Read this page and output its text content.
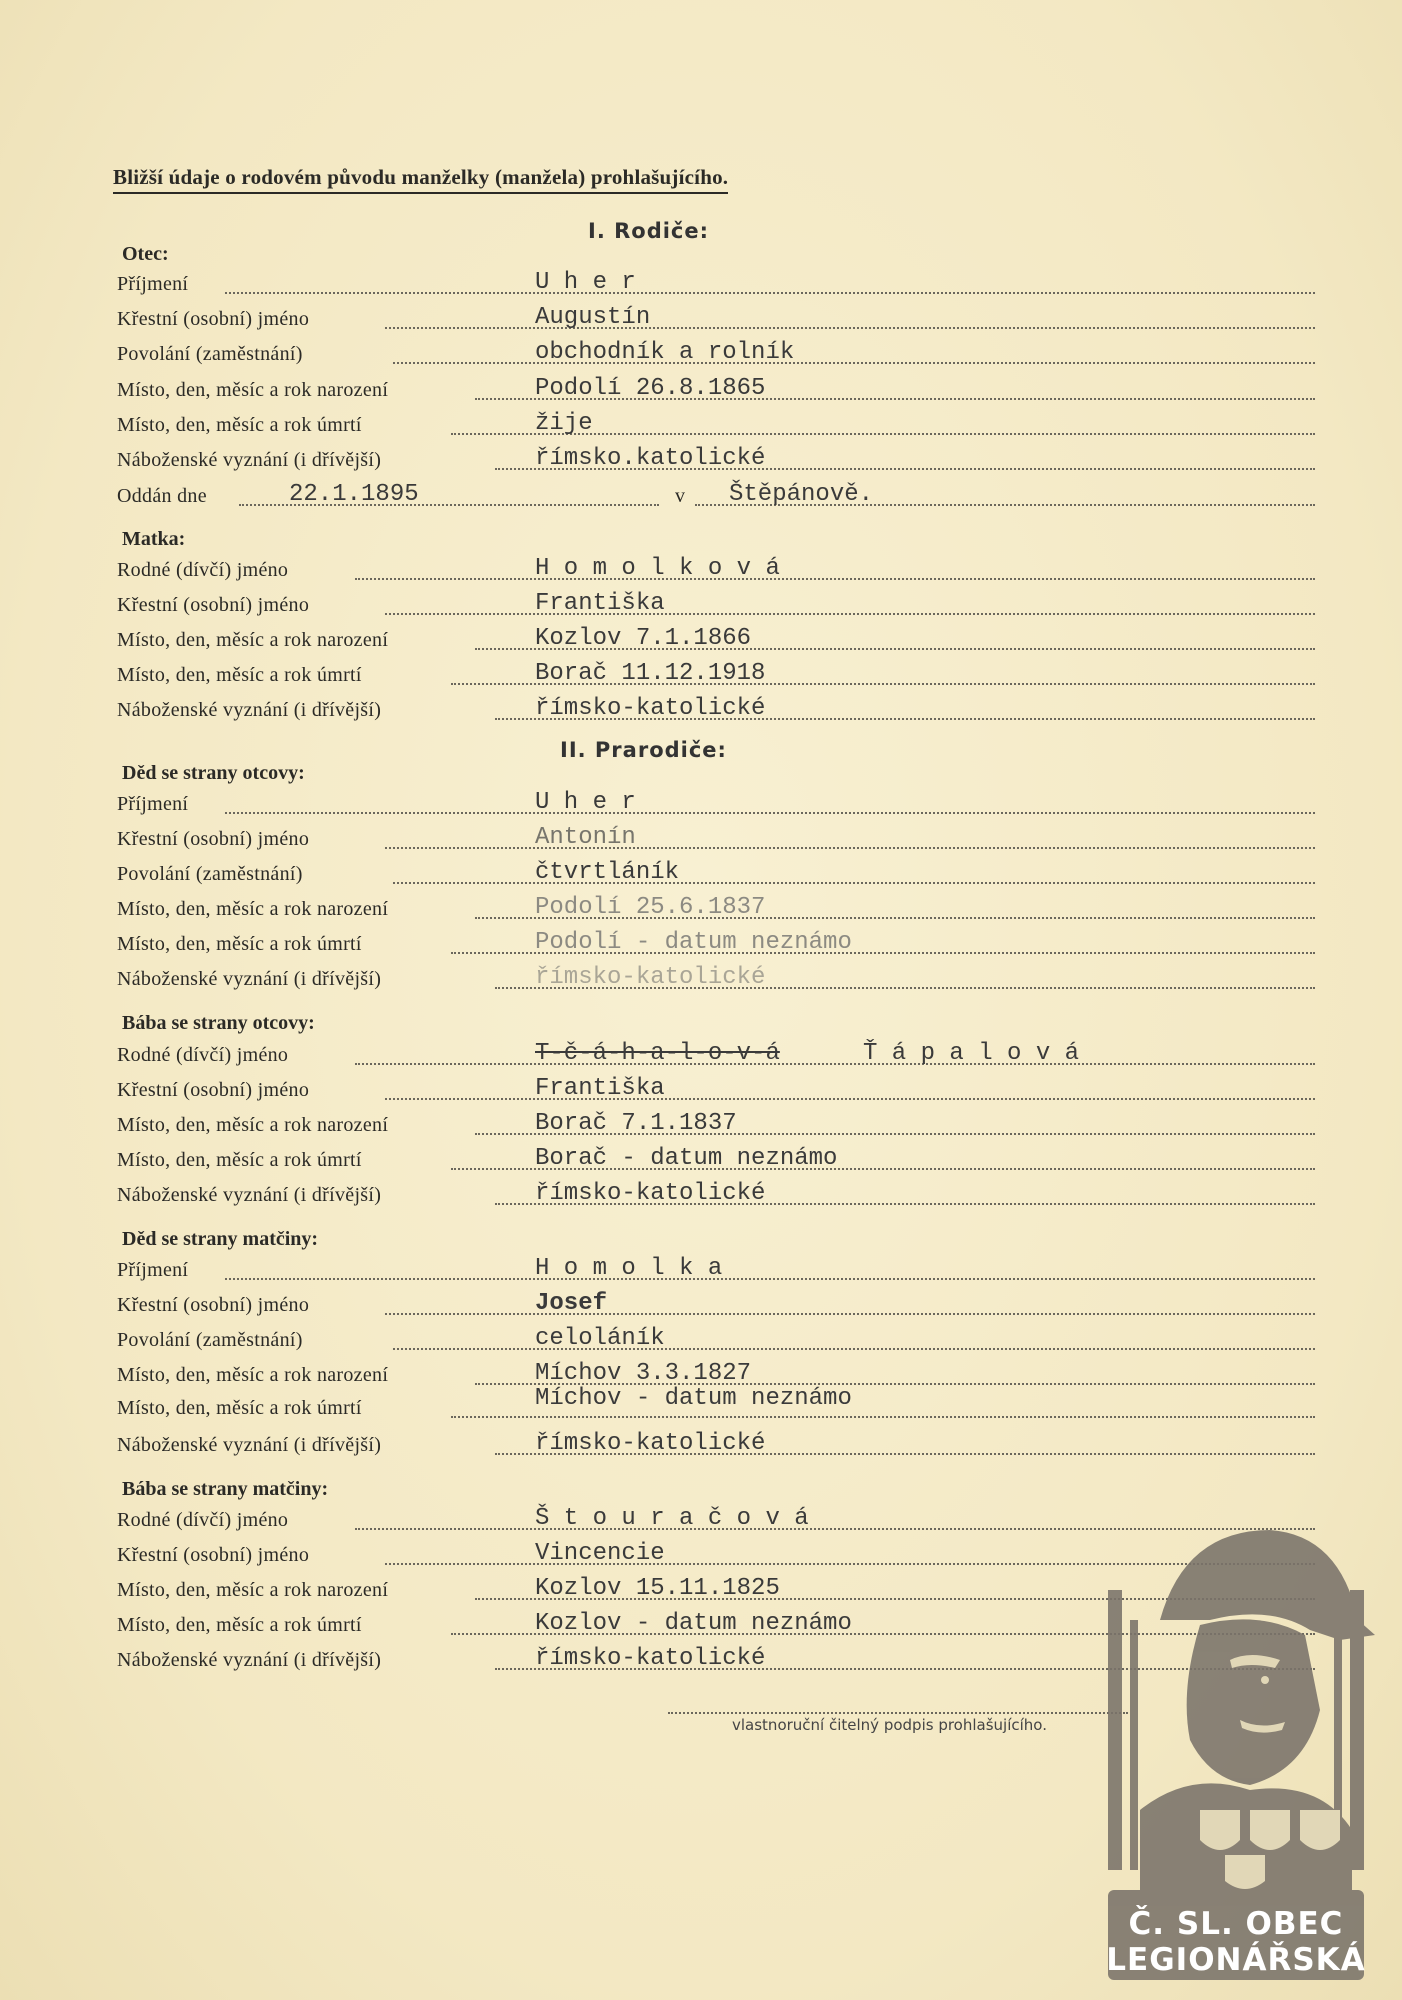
Bližší údaje o rodovém původu manželky (manžela) prohlašujícího.
I. Rodiče:
Otec:
Příjmení	U h e r
Křestní (osobní) jméno	Augustín
Povolání (zaměstnání)	obchodník a rolník
Místo, den, měsíc a rok narození	Podolí 26.8.1865
Místo, den, měsíc a rok úmrtí	žije
Náboženské vyznání (i dřívější)	římsko.katolické
Oddán dne	22.1.1895	v Štěpánově.
Matka:
Rodné (dívčí) jméno	H o m o l k o v á
Křestní (osobní) jméno	Františka
Místo, den, měsíc a rok narození	Kozlov 7.1.1866
Místo, den, měsíc a rok úmrtí	Borač 11.12.1918
Náboženské vyznání (i dřívější)	římsko-katolické
II. Prarodiče:
Děd se strany otcovy:
Příjmení	U h e r
Křestní (osobní) jméno	Antonín
Povolání (zaměstnání)	čtvrtláník
Místo, den, měsíc a rok narození	Podolí 25.6.1837
Místo, den, měsíc a rok úmrtí	Podolí - datum neznámo
Náboženské vyznání (i dřívější)	římsko-katolické
Bába se strany otcovy:
Rodné (dívčí) jméno	T-č-á-h-a-l-o-v-á	Ť á p a l o v á
Křestní (osobní) jméno	Františka
Místo, den, měsíc a rok narození	Borač 7.1.1837
Místo, den, měsíc a rok úmrtí	Borač - datum neznámo
Náboženské vyznání (i dřívější)	římsko-katolické
Děd se strany matčiny:
Příjmení	H o m o l k a
Křestní (osobní) jméno	Josef
Povolání (zaměstnání)	celoláník
Místo, den, měsíc a rok narození	Míchov 3.3.1827
Místo, den, měsíc a rok úmrtí	Míchov - datum neznámo
Náboženské vyznání (i dřívější)	římsko-katolické
Bába se strany matčiny:
Rodné (dívčí) jméno	Š t o u r a č o v á
Křestní (osobní) jméno	Vincencie
Místo, den, měsíc a rok narození	Kozlov 15.11.1825
Místo, den, měsíc a rok úmrtí	Kozlov - datum neznámo
Náboženské vyznání (i dřívější)	římsko-katolické
vlastnoruční čitelný podpis prohlašujícího.
Č. SL. OBEC
LEGIONÁŘSKÁ
